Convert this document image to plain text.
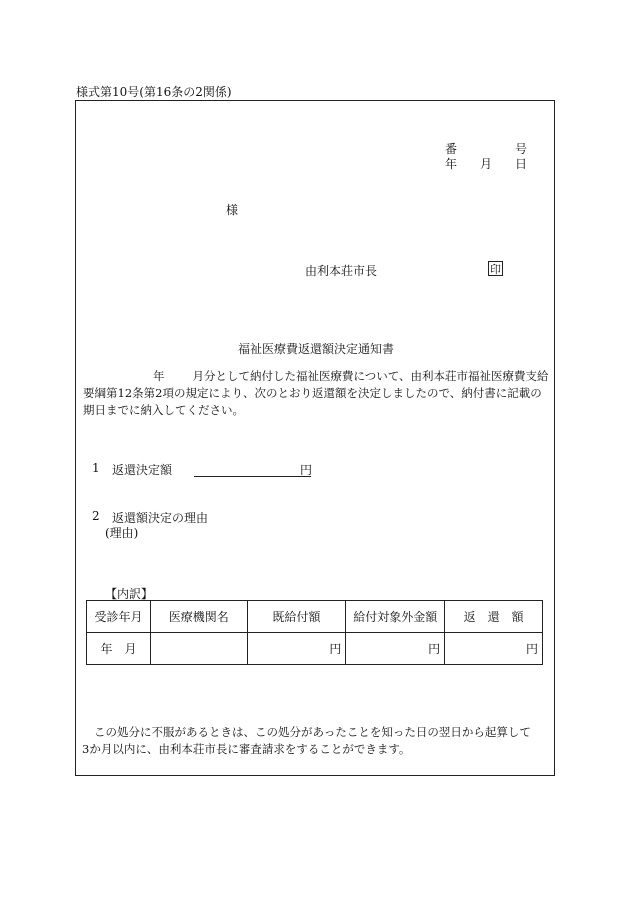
様式第10号(第16条の2関係)
番	号
年 月 日
様
由利本荘市長	印
福祉医療費返還額決定通知書
年 月分として納付した福祉医療費について、由利本荘市福祉医療費支給
要綱第12条第2項の規定により、次のとおり返還額を決定しましたので、納付書に記載の
期日までに納入してください。
1 返還決定額	円
2 返還額決定の理由
(理由)
【内訳】
受診年月	医療機関名	既給付額	給付対象外金額	返　還　額
年　月		円	円	円
この処分に不服があるときは、この処分があったことを知った日の翌日から起算して
3か月以内に、由利本荘市長に審査請求をすることができます。
